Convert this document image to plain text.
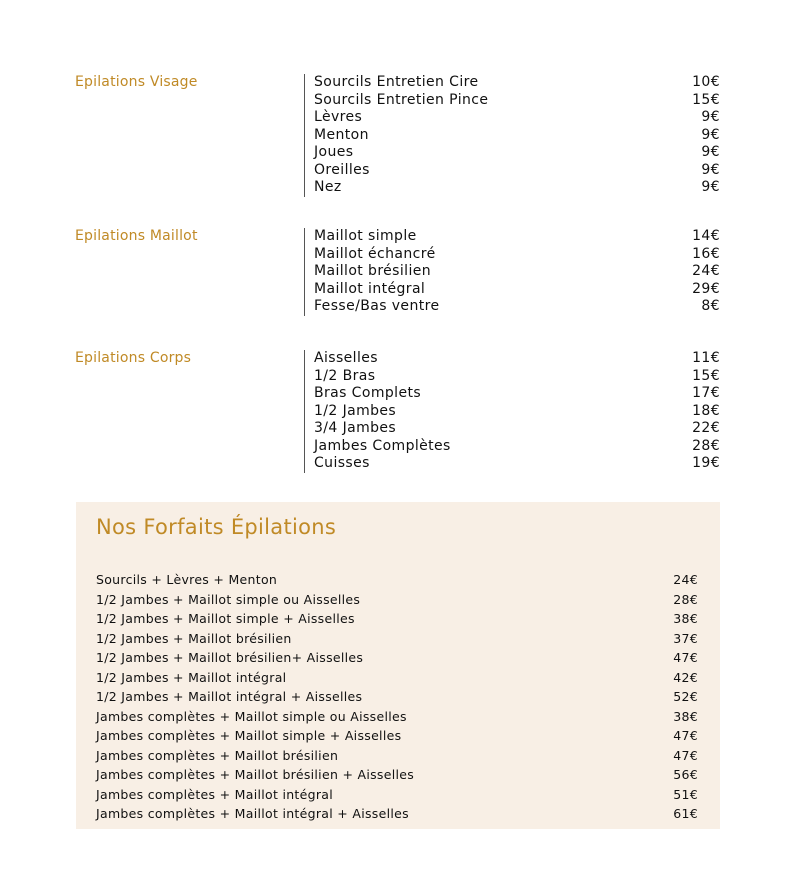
Epilations Visage	Sourcils Entretien Cire	10€
Sourcils Entretien Pince	15€
Lèvres	9€
Menton	9€
Joues	9€
Oreilles	9€
Nez	9€
Epilations Maillot	Maillot simple	14€
Maillot échancré	16€
Maillot brésilien	24€
Maillot intégral	29€
Fesse/Bas ventre	8€
Epilations Corps	Aisselles	11€
1/2 Bras	15€
Bras Complets	17€
1/2 Jambes	18€
3/4 Jambes	22€
Jambes Complètes	28€
Cuisses	19€
Nos Forfaits Épilations
Sourcils + Lèvres + Menton	24€
1/2 Jambes + Maillot simple ou Aisselles	28€
1/2 Jambes + Maillot simple + Aisselles	38€
1/2 Jambes + Maillot brésilien	37€
1/2 Jambes + Maillot brésilien+ Aisselles	47€
1/2 Jambes + Maillot intégral	42€
1/2 Jambes + Maillot intégral + Aisselles	52€
Jambes complètes + Maillot simple ou Aisselles	38€
Jambes complètes + Maillot simple + Aisselles	47€
Jambes complètes + Maillot brésilien	47€
Jambes complètes + Maillot brésilien + Aisselles	56€
Jambes complètes + Maillot intégral	51€
Jambes complètes + Maillot intégral + Aisselles	61€
